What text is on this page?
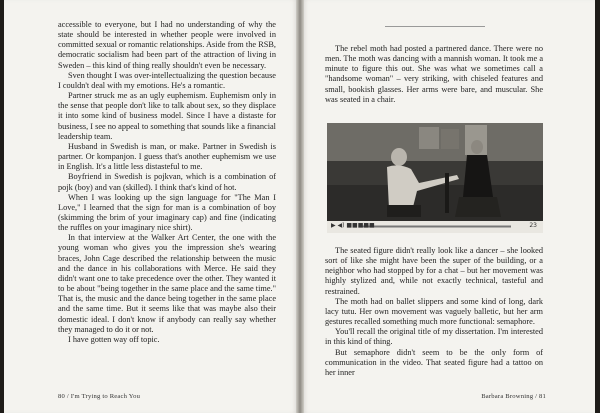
accessible to everyone, but I had no understanding of why the state should be interested in whether people were involved in committed sexual or romantic relationships. Aside from the RSB, democratic socialism had been part of the attraction of living in Sweden – this kind of thing really shouldn't even be necessary.

Sven thought I was over-intellectualizing the question because I couldn't deal with my emotions. He's a romantic.

Partner struck me as an ugly euphemism. Euphemism only in the sense that people don't like to talk about sex, so they displace it into some kind of business model. Since I have a distaste for business, I see no appeal to something that sounds like a financial leadership team.

Husband in Swedish is man, or make. Partner in Swedish is partner. Or kompanjon. I guess that's another euphemism we use in English. It's a little less distasteful to me.

Boyfriend in Swedish is pojkvan, which is a combination of pojk (boy) and van (skilled). I think that's kind of hot.

When I was looking up the sign language for "The Man I Love," I learned that the sign for man is a combination of boy (skimming the brim of your imaginary cap) and fine (indicating the ruffles on your imaginary nice shirt).

In that interview at the Walker Art Center, the one with the young woman who gives you the impression she's wearing braces, John Cage described the relationship between the music and the dance in his collaborations with Merce. He said they didn't want one to take precedence over the other. They wanted it to be about "being together in the same place and the same time." That is, the music and the dance being together in the same place and the same time. But it seems like that was maybe also their domestic ideal. I don't know if anybody can really say whether they managed to do it or not.

I have gotten way off topic.

80 / I'm Trying to Reach You

The rebel moth had posted a partnered dance. There were no men. The moth was dancing with a mannish woman. It took me a minute to figure this out. She was what we sometimes call a "handsome woman" – very striking, with chiseled features and small, bookish glasses. Her arms were bare, and muscular. She was seated in a chair.

▶ ◀) ■■■■■	23

The seated figure didn't really look like a dancer – she looked sort of like she might have been the super of the building, or a neighbor who had stopped by for a chat – but her movement was highly stylized and, while not exactly technical, tasteful and restrained.

The moth had on ballet slippers and some kind of long, dark lacy tutu. Her own movement was vaguely balletic, but her arm gestures recalled something much more functional: semaphore.

You'll recall the original title of my dissertation. I'm interested in this kind of thing.

But semaphore didn't seem to be the only form of communication in the video. That seated figure had a tattoo on her inner

Barbara Browning / 81
